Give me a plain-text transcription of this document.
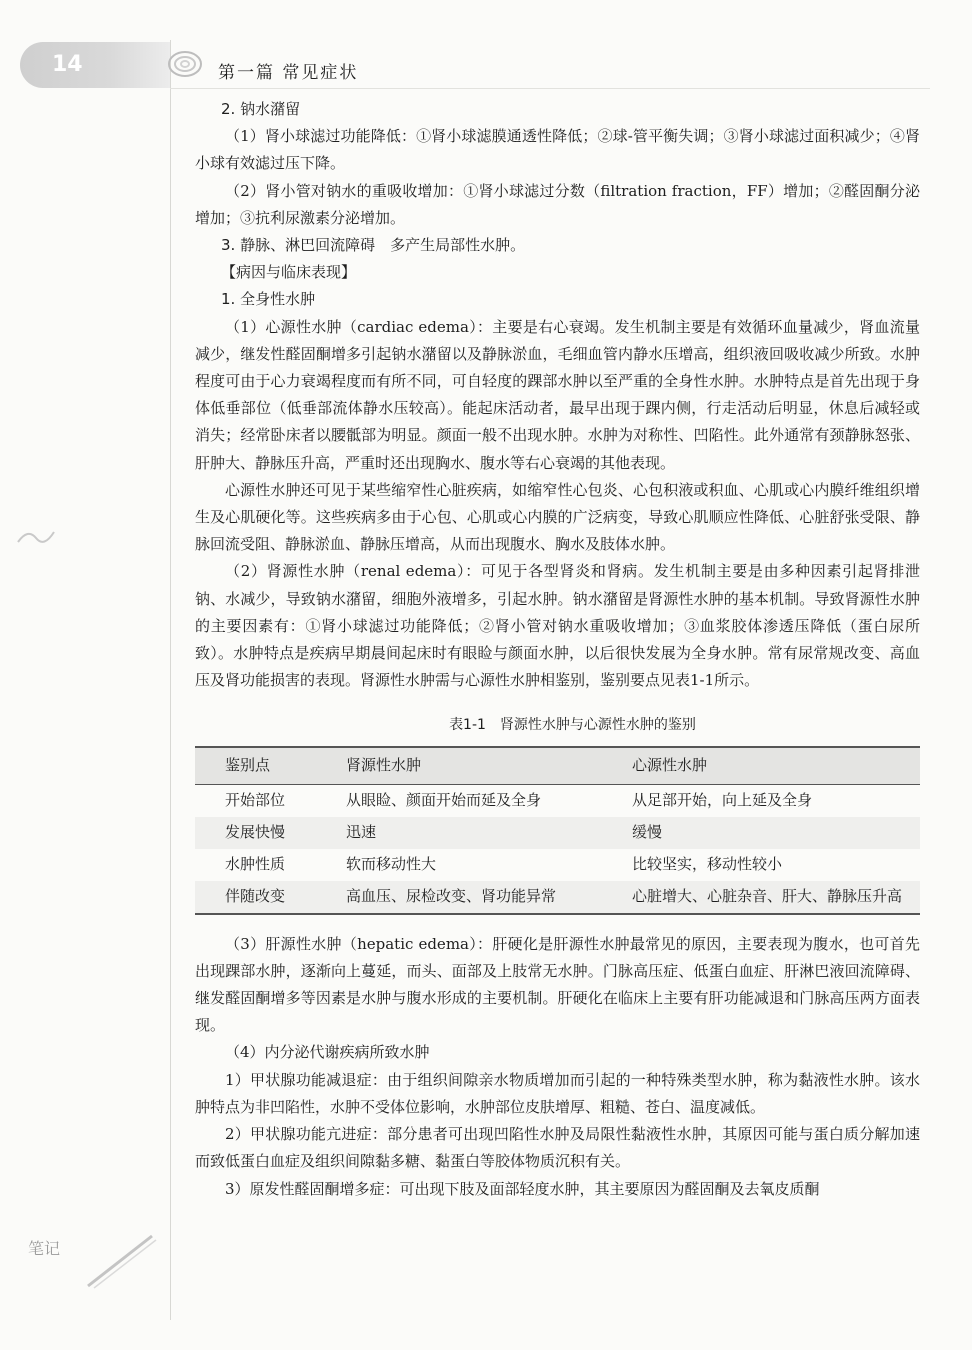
14	第一篇 常见症状

2. 钠水潴留

（1）肾小球滤过功能降低：①肾小球滤膜通透性降低；②球-管平衡失调；③肾小球滤过面积减少；④肾小球有效滤过压下降。

（2）肾小管对钠水的重吸收增加：①肾小球滤过分数（filtration fraction，FF）增加；②醛固酮分泌增加；③抗利尿激素分泌增加。

3. 静脉、淋巴回流障碍　多产生局部性水肿。

【病因与临床表现】

1. 全身性水肿

（1）心源性水肿（cardiac edema）：主要是右心衰竭。发生机制主要是有效循环血量减少，肾血流量减少，继发性醛固酮增多引起钠水潴留以及静脉淤血，毛细血管内静水压增高，组织液回吸收减少所致。水肿程度可由于心力衰竭程度而有所不同，可自轻度的踝部水肿以至严重的全身性水肿。水肿特点是首先出现于身体低垂部位（低垂部流体静水压较高）。能起床活动者，最早出现于踝内侧，行走活动后明显，休息后减轻或消失；经常卧床者以腰骶部为明显。颜面一般不出现水肿。水肿为对称性、凹陷性。此外通常有颈静脉怒张、肝肿大、静脉压升高，严重时还出现胸水、腹水等右心衰竭的其他表现。

心源性水肿还可见于某些缩窄性心脏疾病，如缩窄性心包炎、心包积液或积血、心肌或心内膜纤维组织增生及心肌硬化等。这些疾病多由于心包、心肌或心内膜的广泛病变，导致心肌顺应性降低、心脏舒张受限、静脉回流受阻、静脉淤血、静脉压增高，从而出现腹水、胸水及肢体水肿。

（2）肾源性水肿（renal edema）：可见于各型肾炎和肾病。发生机制主要是由多种因素引起肾排泄钠、水减少，导致钠水潴留，细胞外液增多，引起水肿。钠水潴留是肾源性水肿的基本机制。导致肾源性水肿的主要因素有：①肾小球滤过功能降低；②肾小管对钠水重吸收增加；③血浆胶体渗透压降低（蛋白尿所致）。水肿特点是疾病早期晨间起床时有眼睑与颜面水肿，以后很快发展为全身水肿。常有尿常规改变、高血压及肾功能损害的表现。肾源性水肿需与心源性水肿相鉴别，鉴别要点见表1-1所示。

表1-1　肾源性水肿与心源性水肿的鉴别
鉴别点	肾源性水肿	心源性水肿
开始部位	从眼睑、颜面开始而延及全身	从足部开始，向上延及全身
发展快慢	迅速	缓慢
水肿性质	软而移动性大	比较坚实，移动性较小
伴随改变	高血压、尿检改变、肾功能异常	心脏增大、心脏杂音、肝大、静脉压升高

（3）肝源性水肿（hepatic edema）：肝硬化是肝源性水肿最常见的原因，主要表现为腹水，也可首先出现踝部水肿，逐渐向上蔓延，而头、面部及上肢常无水肿。门脉高压症、低蛋白血症、肝淋巴液回流障碍、继发醛固酮增多等因素是水肿与腹水形成的主要机制。肝硬化在临床上主要有肝功能减退和门脉高压两方面表现。

（4）内分泌代谢疾病所致水肿

1）甲状腺功能减退症：由于组织间隙亲水物质增加而引起的一种特殊类型水肿，称为黏液性水肿。该水肿特点为非凹陷性，水肿不受体位影响，水肿部位皮肤增厚、粗糙、苍白、温度减低。

2）甲状腺功能亢进症：部分患者可出现凹陷性水肿及局限性黏液性水肿，其原因可能与蛋白质分解加速而致低蛋白血症及组织间隙黏多糖、黏蛋白等胶体物质沉积有关。

3）原发性醛固酮增多症：可出现下肢及面部轻度水肿，其主要原因为醛固酮及去氧皮质酮

笔记
